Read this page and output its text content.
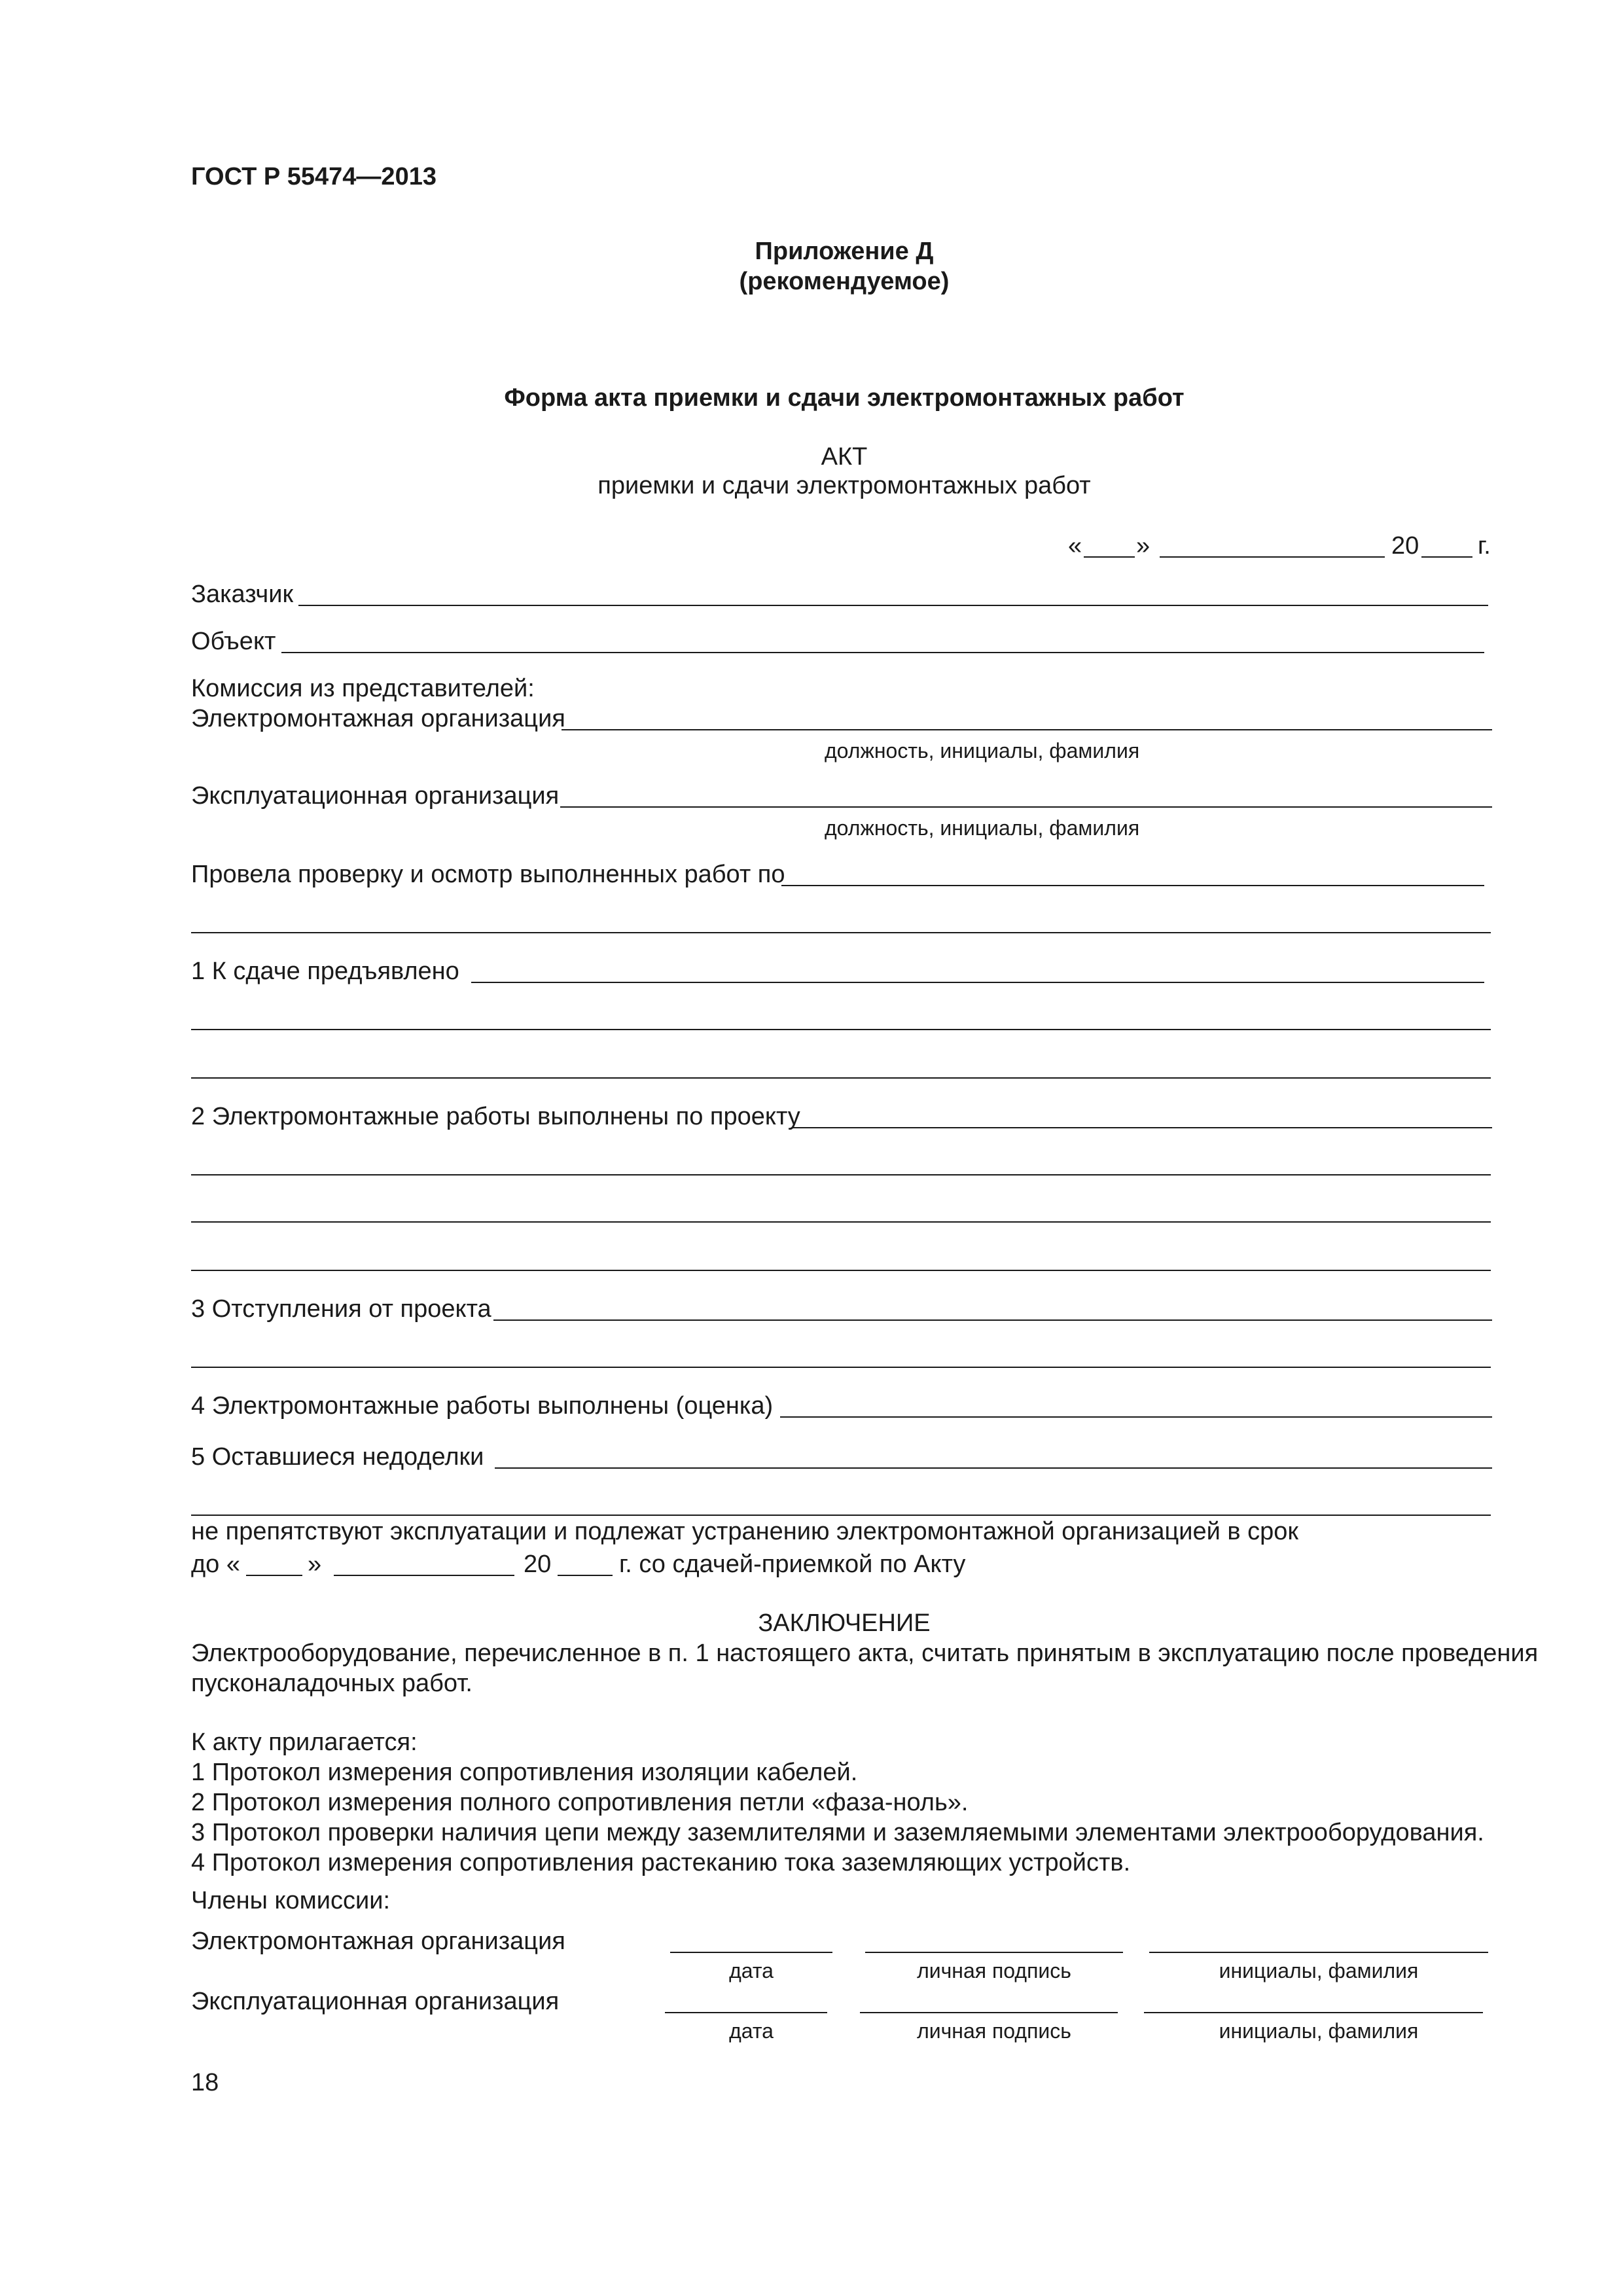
ГОСТ Р 55474—2013
Приложение Д
(рекомендуемое)
Форма акта приемки и сдачи электромонтажных работ
АКТ
приемки и сдачи электромонтажных работ
« »	20 г.
Заказчик
Объект
Комиссия из представителей:
Электромонтажная организация
должность, инициалы, фамилия
Эксплуатационная организация
должность, инициалы, фамилия
Провела проверку и осмотр выполненных работ по
1 К сдаче предъявлено
2 Электромонтажные работы выполнены по проекту
3 Отступления от проекта
4 Электромонтажные работы выполнены (оценка)
5 Оставшиеся недоделки
не препятствуют эксплуатации и подлежат устранению электромонтажной организацией в срок
до «	»	20	г. со сдачей-приемкой по Акту
ЗАКЛЮЧЕНИЕ
Электрооборудование, перечисленное в п. 1 настоящего акта, считать принятым в эксплуатацию после проведения
пусконаладочных работ.
К акту прилагается:
1 Протокол измерения сопротивления изоляции кабелей.
2 Протокол измерения полного сопротивления петли «фаза-ноль».
3 Протокол проверки наличия цепи между заземлителями и заземляемыми элементами электрооборудования.
4 Протокол измерения сопротивления растеканию тока заземляющих устройств.
Члены комиссии:
Электромонтажная организация
дата	личная подпись	инициалы, фамилия
Эксплуатационная организация
дата	личная подпись	инициалы, фамилия
18
